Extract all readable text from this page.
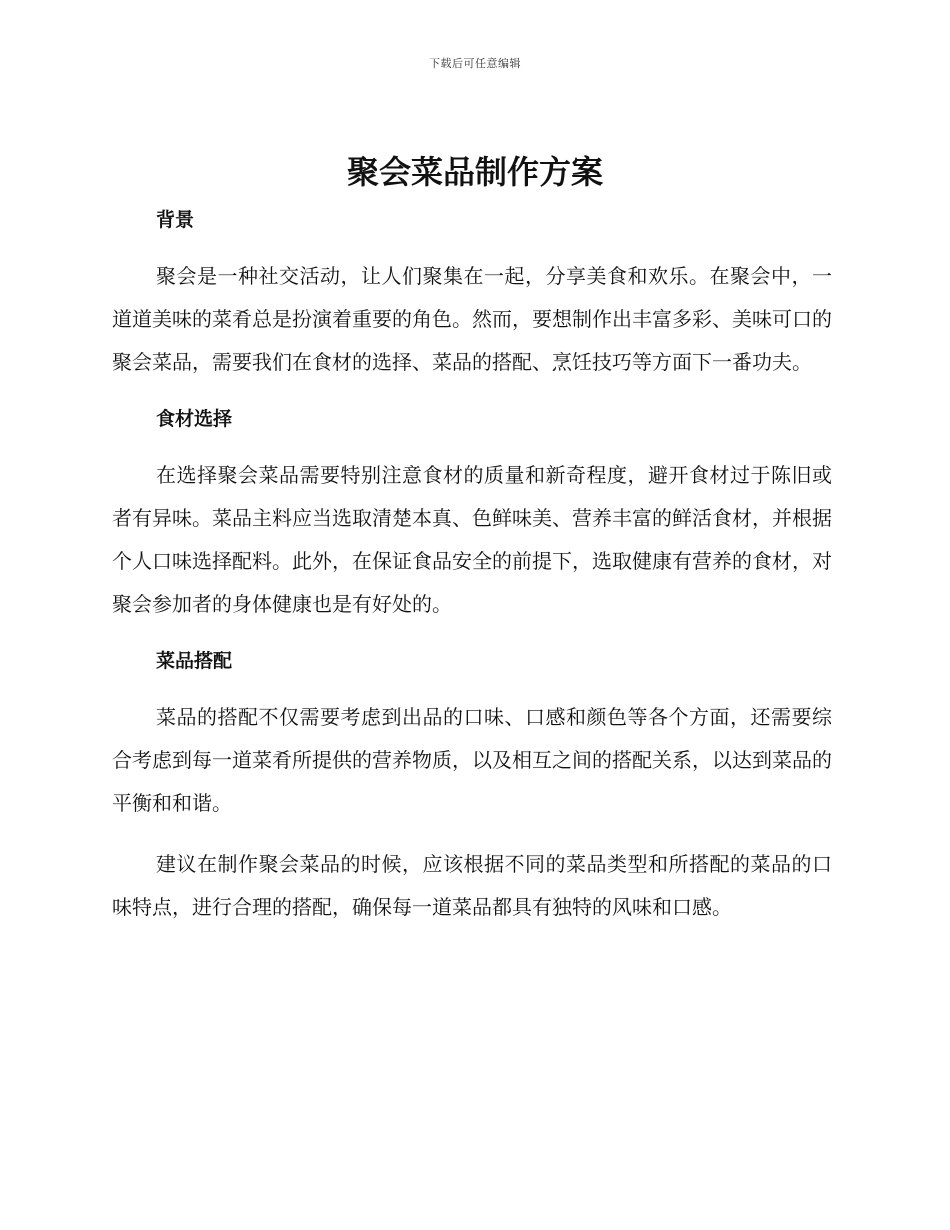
下载后可任意编辑
聚会菜品制作方案
背景

聚会是一种社交活动，让人们聚集在一起，分享美食和欢乐。在聚会中，一道道美味的菜肴总是扮演着重要的角色。然而，要想制作出丰富多彩、美味可口的聚会菜品，需要我们在食材的选择、菜品的搭配、烹饪技巧等方面下一番功夫。

食材选择

在选择聚会菜品需要特别注意食材的质量和新奇程度，避开食材过于陈旧或者有异味。菜品主料应当选取清楚本真、色鲜味美、营养丰富的鲜活食材，并根据个人口味选择配料。此外，在保证食品安全的前提下，选取健康有营养的食材，对聚会参加者的身体健康也是有好处的。

菜品搭配

菜品的搭配不仅需要考虑到出品的口味、口感和颜色等各个方面，还需要综合考虑到每一道菜肴所提供的营养物质，以及相互之间的搭配关系，以达到菜品的平衡和和谐。

建议在制作聚会菜品的时候，应该根据不同的菜品类型和所搭配的菜品的口味特点，进行合理的搭配，确保每一道菜品都具有独特的风味和口感。
